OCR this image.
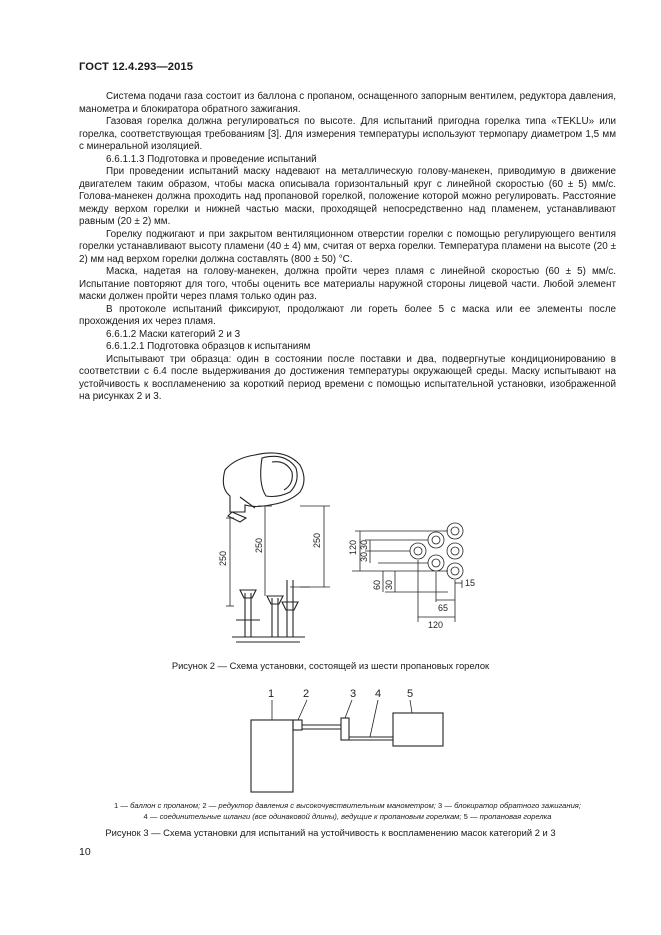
ГОСТ 12.4.293—2015

Система подачи газа состоит из баллона с пропаном, оснащенного запорным вентилем, редуктора давления, манометра и блокиратора обратного зажигания.

Газовая горелка должна регулироваться по высоте. Для испытаний пригодна горелка типа «TEKLU» или горелка, соответствующая требованиям [3]. Для измерения температуры используют термопару диаметром 1,5 мм с минеральной изоляцией.

6.6.1.1.3 Подготовка и проведение испытаний

При проведении испытаний маску надевают на металлическую голову-манекен, приводимую в движение двигателем таким образом, чтобы маска описывала горизонтальный круг с линейной скоростью (60 ± 5) мм/с. Голова-манекен должна проходить над пропановой горелкой, положение которой можно регулировать. Расстояние между верхом горелки и нижней частью маски, проходящей непосредственно над пламенем, устанавливают равным (20 ± 2) мм.

Горелку поджигают и при закрытом вентиляционном отверстии горелки с помощью регулирующего вентиля горелки устанавливают высоту пламени (40 ± 4) мм, считая от верха горелки. Температура пламени на высоте (20 ± 2) мм над верхом горелки должна составлять (800 ± 50) °С.

Маска, надетая на голову-манекен, должна пройти через пламя с линейной скоростью (60 ± 5) мм/с. Испытание повторяют для того, чтобы оценить все материалы наружной стороны лицевой части. Любой элемент маски должен пройти через пламя только один раз.

В протоколе испытаний фиксируют, продолжают ли гореть более 5 с маска или ее элементы после прохождения их через пламя.

6.6.1.2 Маски категорий 2 и 3

6.6.1.2.1 Подготовка образцов к испытаниям

Испытывают три образца: один в состоянии после поставки и два, подвергнутые кондиционированию в соответствии с 6.4 после выдерживания до достижения температуры окружающей среды. Маску испытывают на устойчивость к воспламенению за короткий период времени с помощью испытательной установки, изображенной на рисунках 2 и 3.

250
250	250	120 30
30
60 30
65
15
120
Рисунок 2 — Схема установки, состоящей из шести пропановых горелок
1	2	3 4 5
1 — баллон с пропаном; 2 — редуктор давления с высокочувствительным манометром; 3 — блокиратор обратного зажигания;
4 — соединительные шланги (все одинаковой длины), ведущие к пропановым горелкам; 5 — пропановая горелка
Рисунок 3 — Схема установки для испытаний на устойчивость к воспламенению масок категорий 2 и 3
10
